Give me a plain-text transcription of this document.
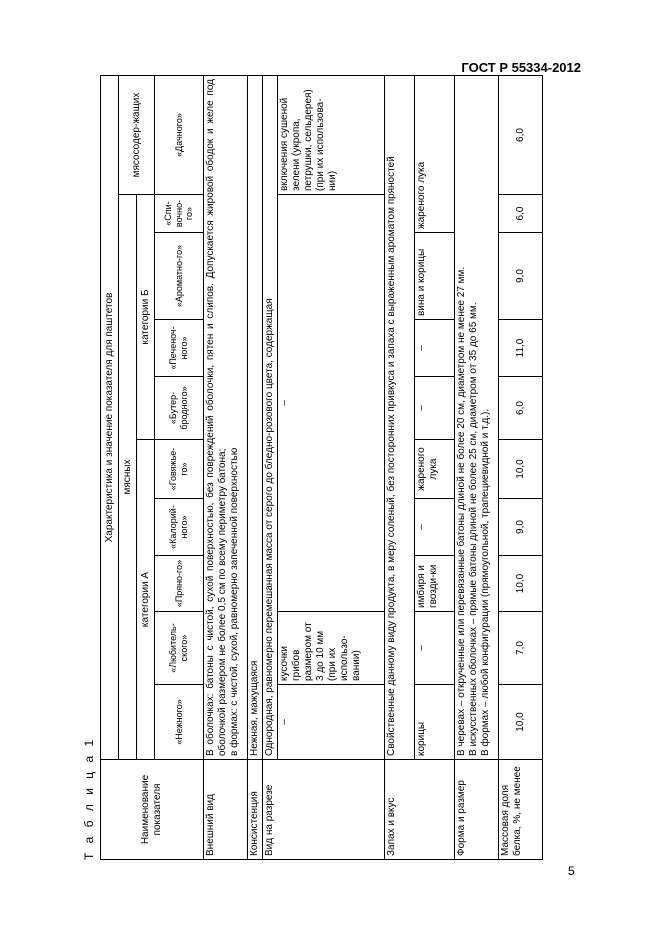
ГОСТ Р 55334-2012
5
Т а б л и ц а 1	Наименование показателя	Характеристика и значение показателя для паштетов									
	мясных									мясосодер-жащих
	категории А					категории Б				
	«Нежного»	«Любитель-ского»	«Пряно-го»	«Калорий-ного»	«Говяжье-го»	«Бутер-бродного»	«Печеноч-ного»	«Ароматно-го»	«Спи-вочно-го»	«Дачного»
Внешний вид	В оболочках: батоны с чистой, сухой поверхностью, без повреждений оболочки, пятен и слипов. Допускается жировой ободок и желе под оболочкой размером не более 0,5 см по всему периметру батона; в формах: с чистой, сухой, равномерно запеченной поверхностью									

Консистенция	Нежная, мажущаяся									
Вид на разрезе	Однородная, равномерно перемешанная масса от серого до бледно-розового цвета, содержащая									
	–	кусочки грибов размером от 3 до 10 мм (при их использо-вании)	–							включения сушеной зелени (укропа, петрушки, сельдерея) (при их использова-нии)
Запах и вкус	Свойственные данному виду продукта, в меру соленый, без посторонних привкуса и запаха с выраженным ароматом пряностей									
	корицы	–	имбиря и гвозди-ки	–	жареного лука	–	–	вина и корицы	жареного лука	
Форма и размер	В черевах – открученные или перевязанные батоны длиной не более 20 см, диаметром не менее 27 мм. В искусственных оболочках – прямые батоны длиной не более 25 см, диаметром от 35 до 65 мм. В формах – любой конфигурации (прямоугольной, трапециевидной и т.д.).									

Массовая доля белка, %, не менее	10,0	7,0	10,0	9,0	10,0	6,0	11,0	9,0	6,0	6,0
